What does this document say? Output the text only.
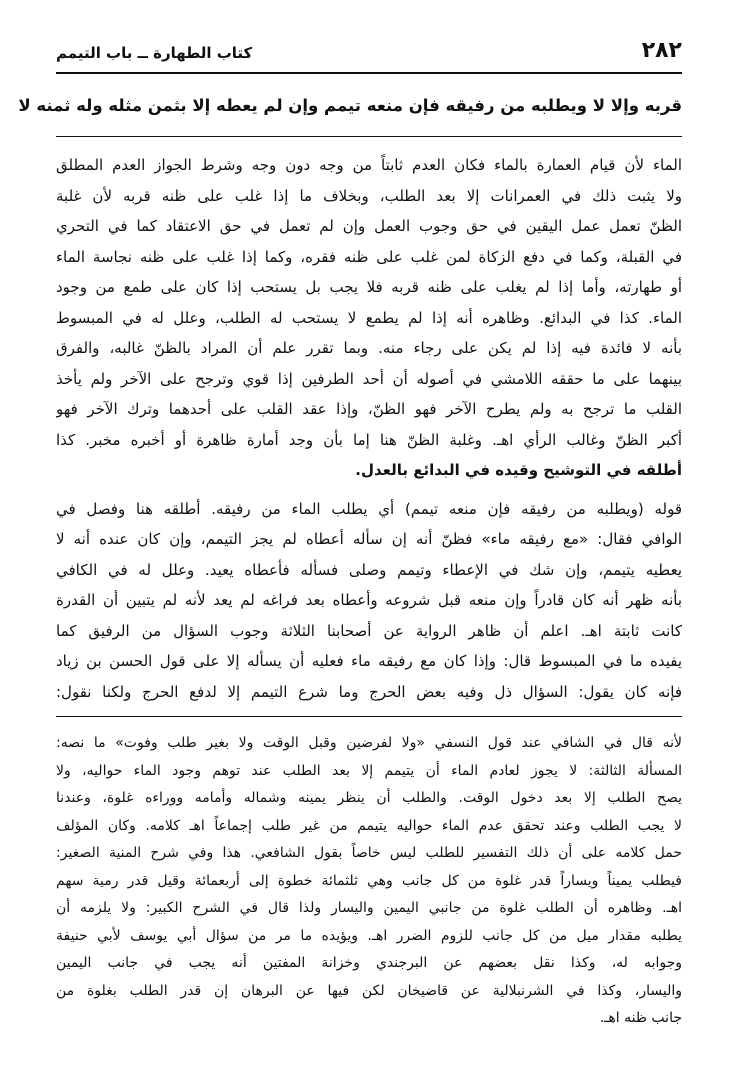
٢٨٢
كتاب الطهارة ــ باب التيمم
قربه وإلا لا ويطلبه من رفيقه فإن منعه تيمم وإن لم يعطه إلا بثمن مثله وله ثمنه لا
الماء لأن قيام العمارة بالماء فكان العدم ثابتاً من وجه دون وجه وشرط الجواز العدم المطلق
ولا يثبت ذلك في العمرانات إلا بعد الطلب، وبخلاف ما إذا غلب على ظنه قربه لأن غلبة
الظنّ تعمل عمل اليقين في حق وجوب العمل وإن لم تعمل في حق الاعتقاد كما في التحري
في القبلة، وكما في دفع الزكاة لمن غلب على ظنه فقره، وكما إذا غلب على ظنه نجاسة الماء
أو طهارته، وأما إذا لم يغلب على ظنه قربه فلا يجب بل يستحب إذا كان على طمع من وجود
الماء. كذا في البدائع. وظاهره أنه إذا لم يطمع لا يستحب له الطلب، وعلل له في المبسوط
بأنه لا فائدة فيه إذا لم يكن على رجاء منه. وبما تقرر علم أن المراد بالظنّ غالبه، والفرق
بينهما على ما حققه اللامشي في أصوله أن أحد الطرفين إذا قوي وترجح على الآخر ولم يأخذ
القلب ما ترجح به ولم يطرح الآخر فهو الظنّ، وإذا عقد القلب على أحدهما وترك الآخر فهو
أكبر الظنّ وغالب الرأي اهـ. وغلبة الظنّ هنا إما بأن وجد أمارة ظاهرة أو أخبره مخبر. كذا
أطلقه في التوشيح وقيده في البدائع بالعدل.
قوله (ويطلبه من رفيقه فإن منعه تيمم) أي يطلب الماء من رفيقه. أطلقه هنا وفصل في
الوافي فقال: «مع رفيقه ماء» فظنّ أنه إن سأله أعطاه لم يجز التيمم، وإن كان عنده أنه لا
يعطيه يتيمم، وإن شك في الإعطاء وتيمم وصلى فسأله فأعطاه يعيد. وعلل له في الكافي
بأنه ظهر أنه كان قادراً وإن منعه قبل شروعه وأعطاه بعد فراغه لم يعد لأنه لم يتبين أن القدرة
كانت ثابتة اهـ. اعلم أن ظاهر الرواية عن أصحابنا الثلاثة وجوب السؤال من الرفيق كما
يفيده ما في المبسوط قال: وإذا كان مع رفيقه ماء فعليه أن يسأله إلا على قول الحسن بن زياد
فإنه كان يقول: السؤال ذل وفيه بعض الحرج وما شرع التيمم إلا لدفع الحرج ولكنا نقول:
لأنه قال في الشافي عند قول النسفي «ولا لفرضين وقبل الوقت ولا بغير طلب وفوت» ما نصه:
المسألة الثالثة: لا يجوز لعادم الماء أن يتيمم إلا بعد الطلب عند توهم وجود الماء حواليه، ولا
يصح الطلب إلا بعد دخول الوقت. والطلب أن ينظر يمينه وشماله وأمامه ووراءه غلوة، وعندنا
لا يجب الطلب وعند تحقق عدم الماء حواليه يتيمم من غير طلب إجماعاً اهـ كلامه. وكان المؤلف
حمل كلامه على أن ذلك التفسير للطلب ليس خاصاً بقول الشافعي. هذا وفي شرح المنية الصغير:
فيطلب يميناً ويساراً قدر غلوة من كل جانب وهي ثلثمائة خطوة إلى أربعمائة وقيل قدر رمية سهم
اهـ. وظاهره أن الطلب غلوة من جانبي اليمين واليسار ولذا قال في الشرح الكبير: ولا يلزمه أن
يطلبه مقدار ميل من كل جانب للزوم الضرر اهـ. ويؤيده ما مر من سؤال أبي يوسف لأبي حنيفة
وجوابه له، وكذا نقل بعضهم عن البرجندي وخزانة المفتين أنه يجب في جانب اليمين
واليسار، وكذا في الشرنبلالية عن قاضيخان لكن فيها عن البرهان إن قدر الطلب بغلوة من
جانب ظنه اهـ.
